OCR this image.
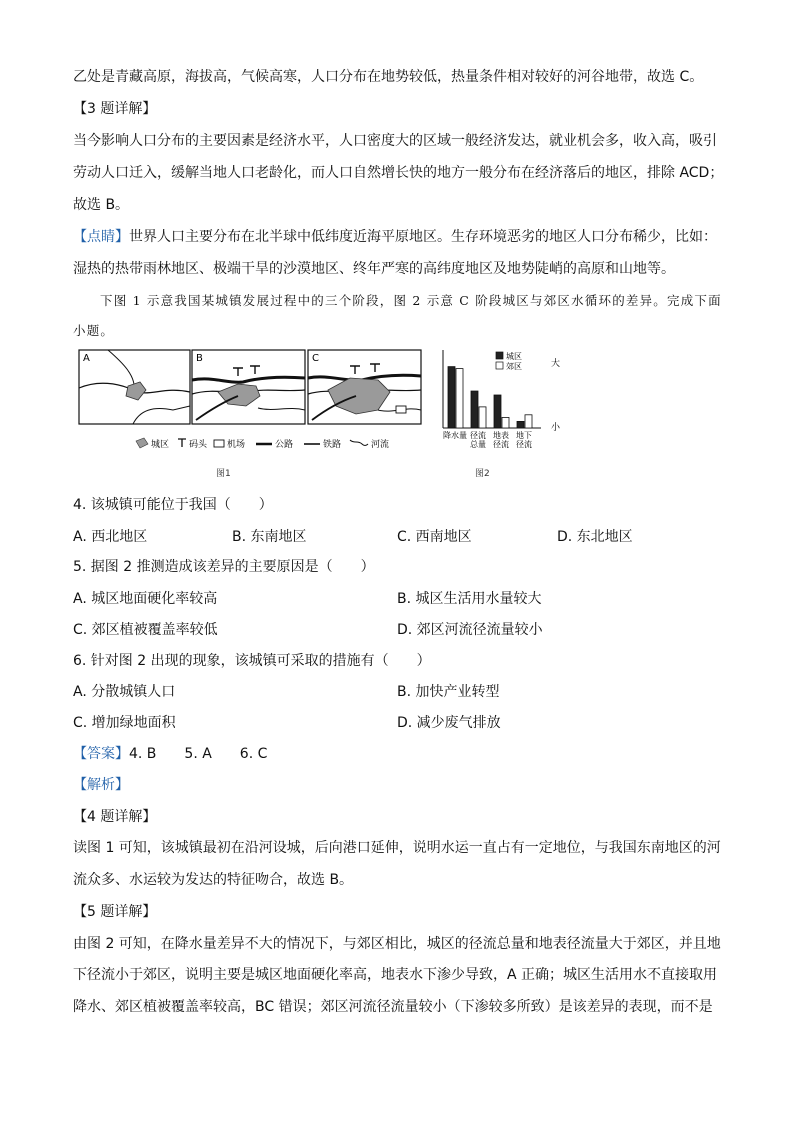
乙处是青藏高原，海拔高，气候高寒，人口分布在地势较低，热量条件相对较好的河谷地带，故选 C。
【3 题详解】
当今影响人口分布的主要因素是经济水平，人口密度大的区域一般经济发达，就业机会多，收入高，吸引
劳动人口迁入，缓解当地人口老龄化，而人口自然增长快的地方一般分布在经济落后的地区，排除 ACD；
故选 B。
【点睛】世界人口主要分布在北半球中低纬度近海平原地区。生存环境恶劣的地区人口分布稀少，比如：
湿热的热带雨林地区、极端干旱的沙漠地区、终年严寒的高纬度地区及地势陡峭的高原和山地等。
下图 1 示意我国某城镇发展过程中的三个阶段，图 2 示意 C 阶段城区与郊区水循环的差异。完成下面
小题。
A	B	C
城区 码头 机场	公路	铁路	河流
图1
城区
郊区	大
小
降水量 径流
总量
地表
径流
地下
径流
图2
4. 该城镇可能位于我国（　　）
A. 西北地区	B. 东南地区	C. 西南地区	D. 东北地区
5. 据图 2 推测造成该差异的主要原因是（　　）
A. 城区地面硬化率较高	B. 城区生活用水量较大
C. 郊区植被覆盖率较低	D. 郊区河流径流量较小
6. 针对图 2 出现的现象，该城镇可采取的措施有（　　）
A. 分散城镇人口	B. 加快产业转型
C. 增加绿地面积	D. 减少废气排放
【答案】4. B　　5. A　　6. C
【解析】
【4 题详解】
读图 1 可知，该城镇最初在沿河设城，后向港口延伸，说明水运一直占有一定地位，与我国东南地区的河
流众多、水运较为发达的特征吻合，故选 B。
【5 题详解】
由图 2 可知，在降水量差异不大的情况下，与郊区相比，城区的径流总量和地表径流量大于郊区，并且地
下径流小于郊区，说明主要是城区地面硬化率高，地表水下渗少导致，A 正确；城区生活用水不直接取用
降水、郊区植被覆盖率较高，BC 错误；郊区河流径流量较小（下渗较多所致）是该差异的表现，而不是
